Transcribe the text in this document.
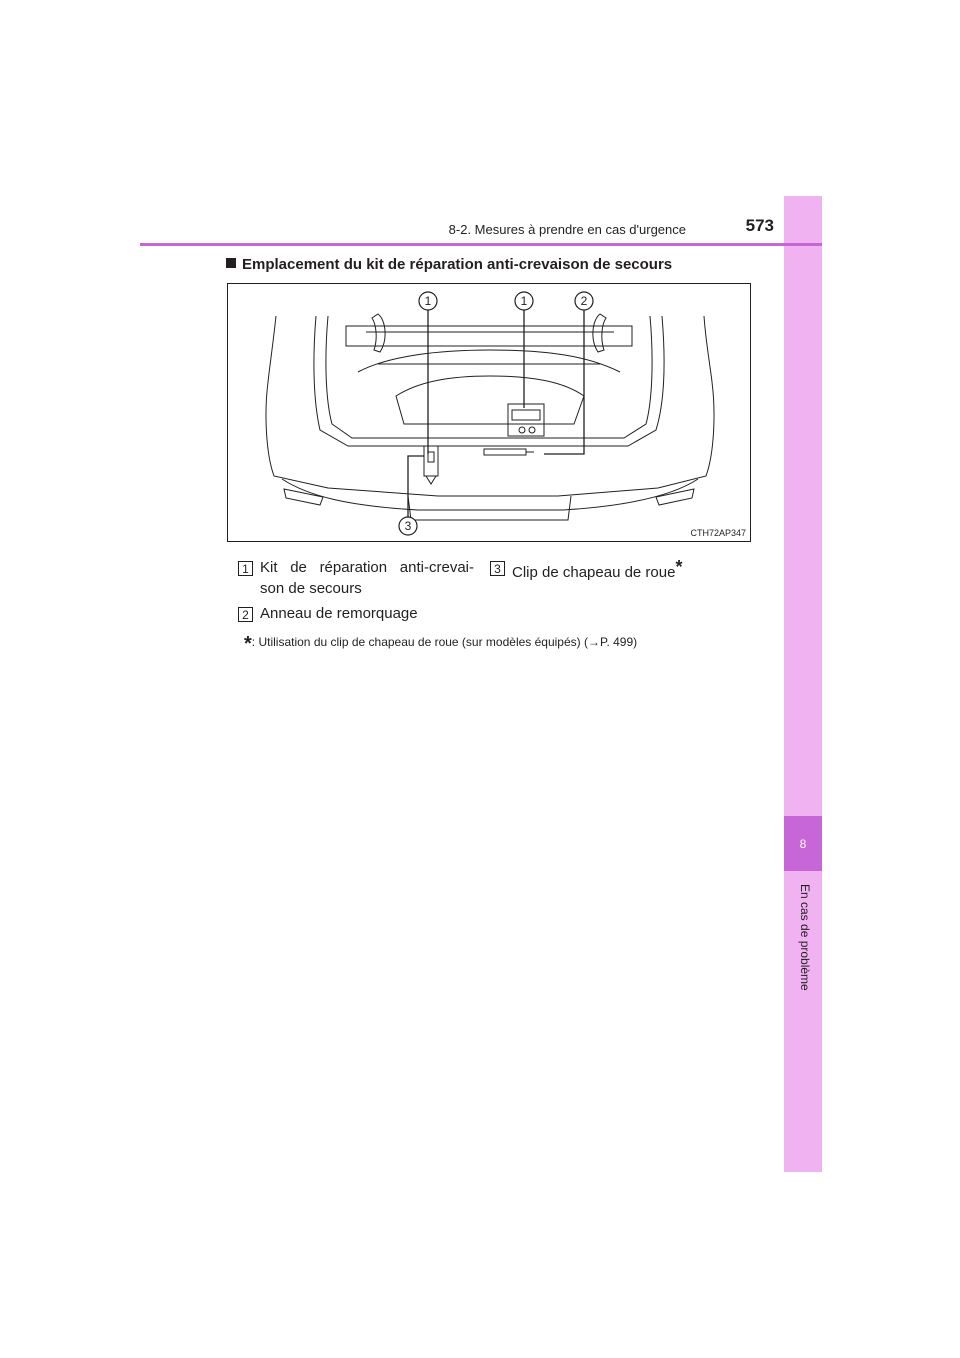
8
En cas de problème
8-2. Mesures à prendre en cas d'urgence	573
Emplacement du kit de réparation anti-crevaison de secours
1	1	2
3	CTH72AP347
1 Kit de réparation anti-crevai-
son de secours
2 Anneau de remorquage
3 Clip de chapeau de roue*
*: Utilisation du clip de chapeau de roue (sur modèles équipés) (→P. 499)
